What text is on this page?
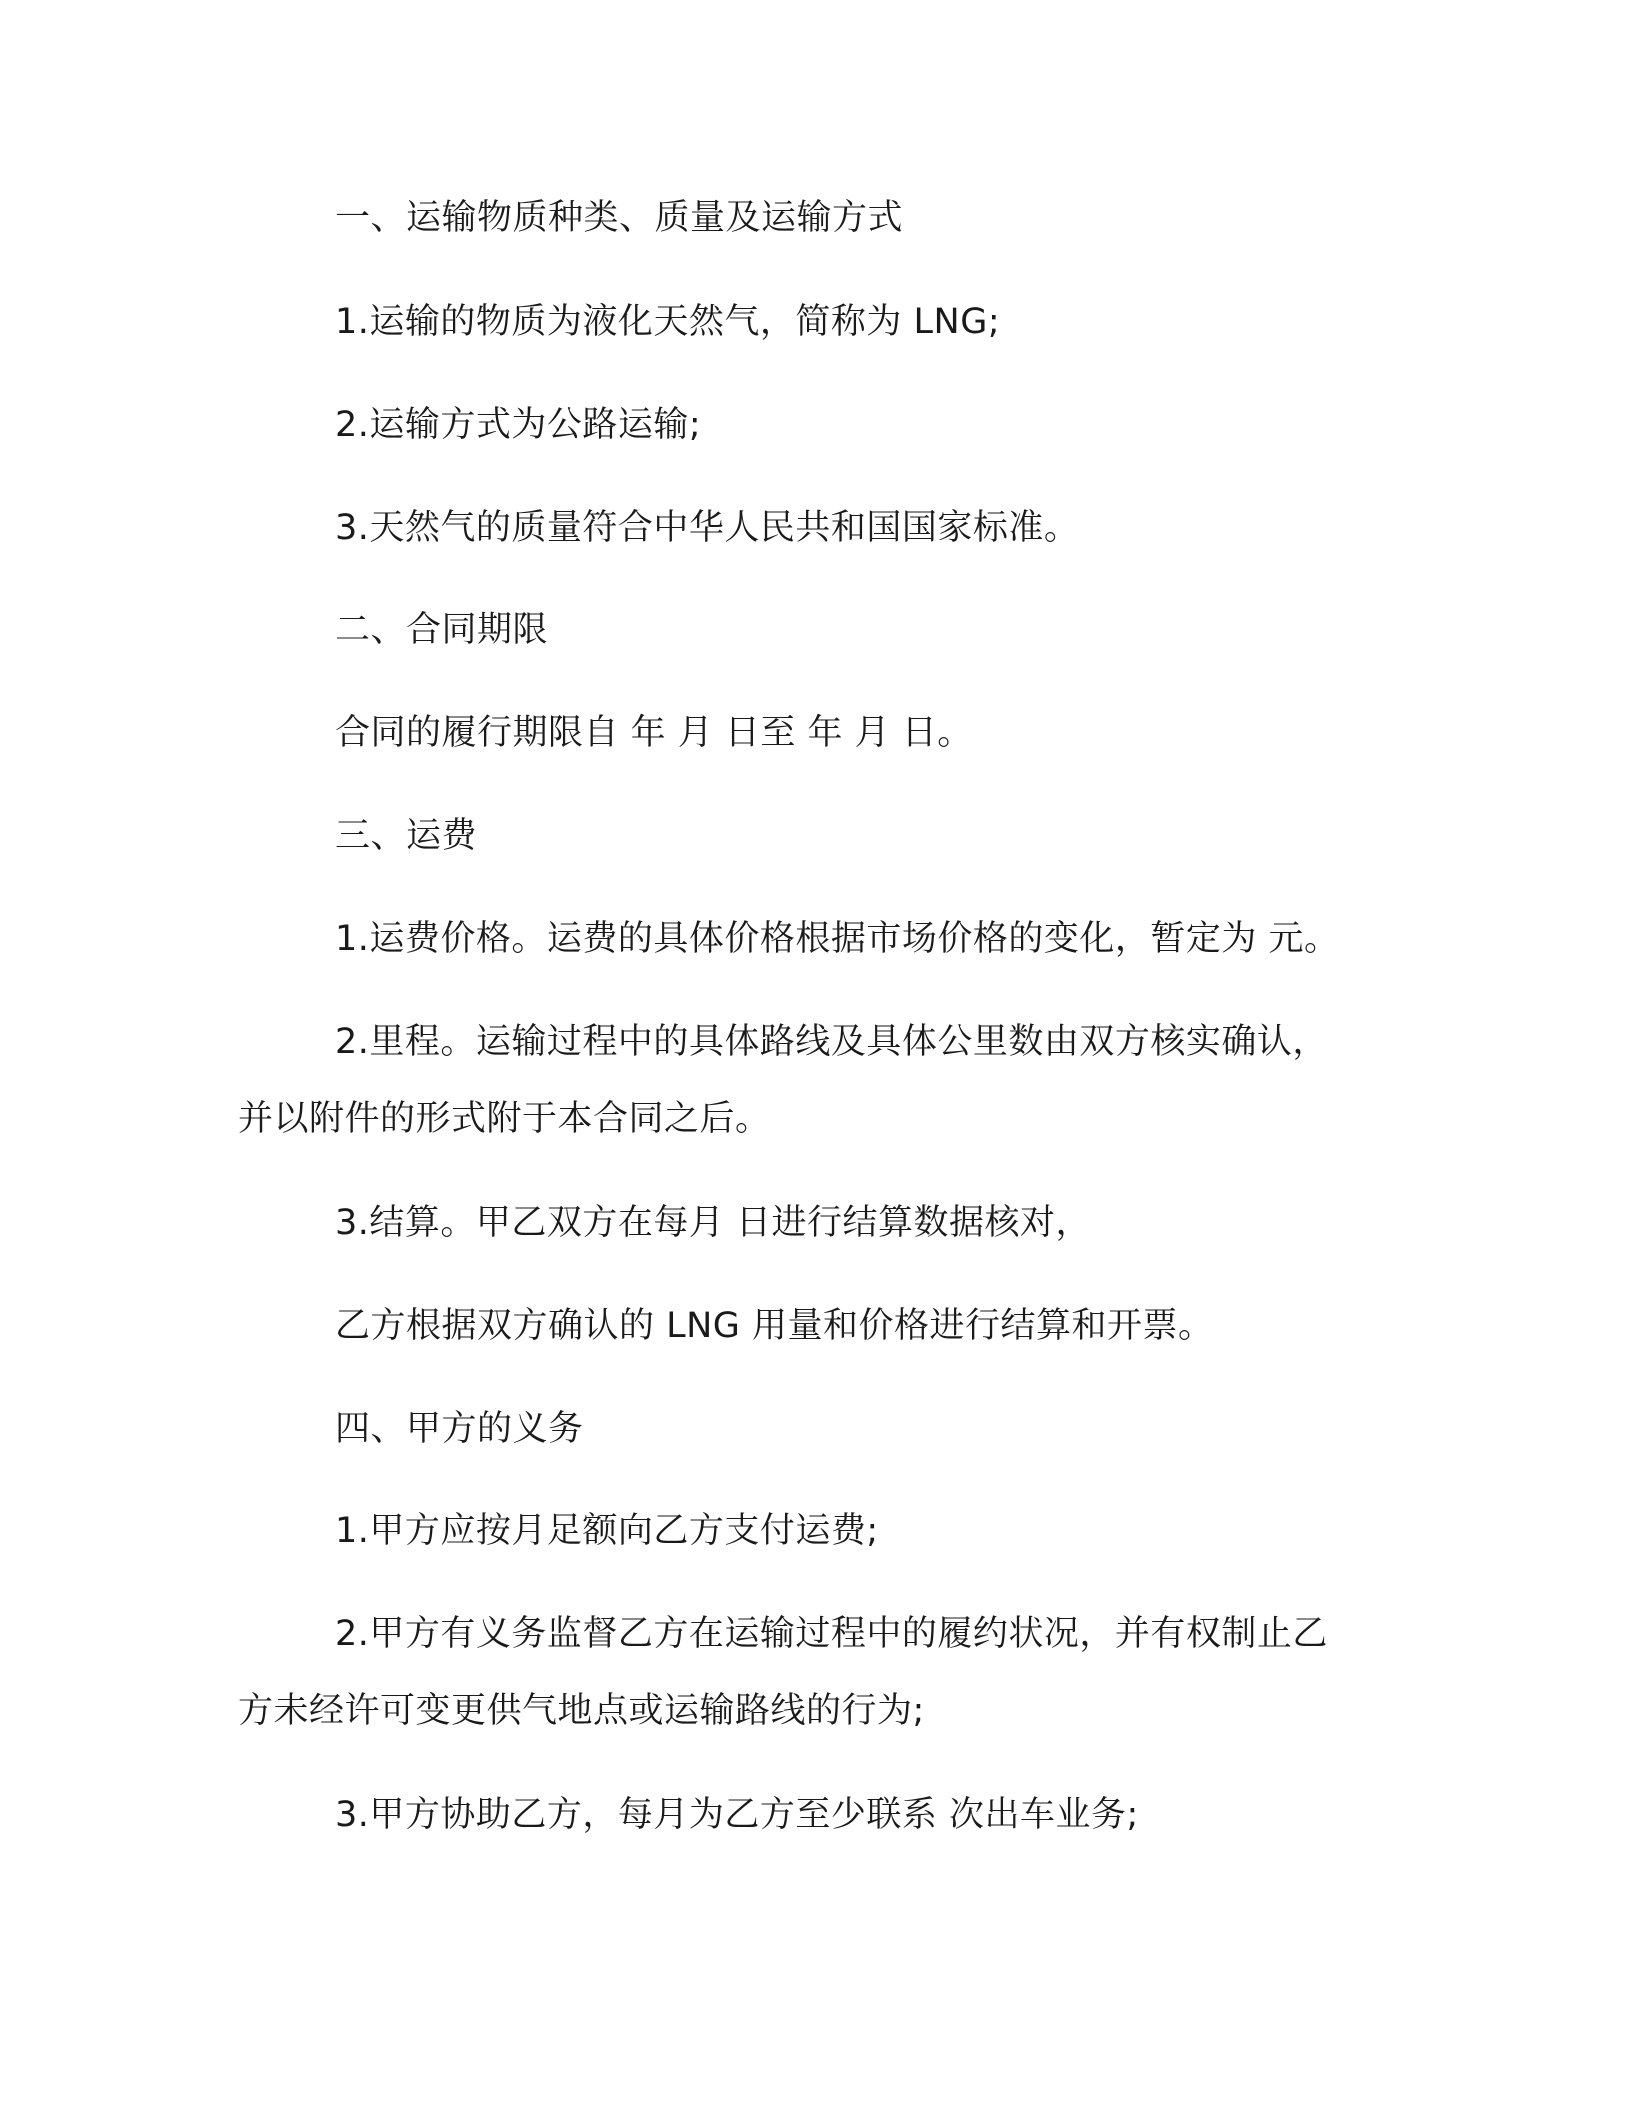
一、运输物质种类、质量及运输方式
1.运输的物质为液化天然气，简称为 LNG;
2.运输方式为公路运输;
3.天然气的质量符合中华人民共和国国家标准。
二、合同期限
合同的履行期限自 年 月 日至 年 月 日。
三、运费
1.运费价格。运费的具体价格根据市场价格的变化，暂定为 元。
2.里程。运输过程中的具体路线及具体公里数由双方核实确认，
并以附件的形式附于本合同之后。
3.结算。甲乙双方在每月 日进行结算数据核对，
乙方根据双方确认的 LNG 用量和价格进行结算和开票。
四、甲方的义务
1.甲方应按月足额向乙方支付运费;
2.甲方有义务监督乙方在运输过程中的履约状况，并有权制止乙
方未经许可变更供气地点或运输路线的行为;
3.甲方协助乙方，每月为乙方至少联系 次出车业务;
